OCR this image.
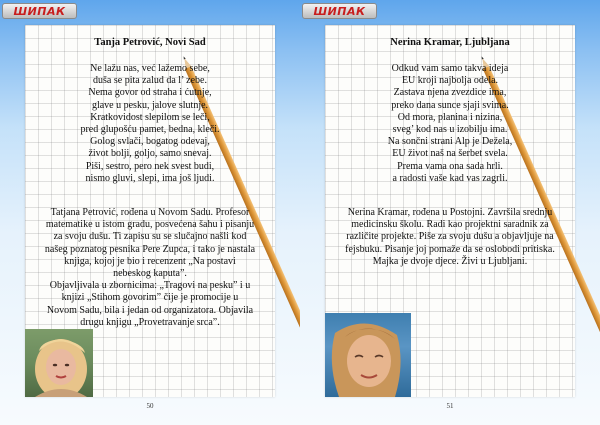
ШИПАК
Tanja Petrović, Novi Sad
Ne lažu nas, već lažemo sebe,
duša se pita zalud da l’ zebe.
Nema govor od straha i ćutnje,
glave u pesku, jalove slutnje.
Kratkovidost slepilom se leči,
pred glupošću pamet, bedna, kleči.
Golog svlači, bogatog odevaj,
život bolji, goljo, samo snevaj.
Piši, sestro, pero nek svest budi,
nismo gluvi, slepi, ima još ljudi.
Tatjana Petrović, rođena u Novom Sadu. Profesor
matematike u istom gradu, posvećena šahu i pisanju
za svoju dušu. Ti zapisu su se slučajno našli kod
našeg poznatog pesnika Pere Zupca, i tako je nastala
knjiga, kojoj je bio i recenzent „Na postavi
nebeskog kaputa”.
Objavljivala u zbornicima: „Tragovi na pesku” i u
knjizi „Stihom govorim” čije je promocije u
Novom Sadu, bila i jedan od organizatora. Objavila
drugu knjigu „Provetravanje srca”.
50
ШИПАК
Nerina Kramar, Ljubljana
Odkud vam samo takva ideja
EU kroji najbolja odela.
Zastava njena zvezdice ima,
preko dana sunce sjaji svima.
Od mora, planina i nizina,
sveg’ kod nas u izobilju ima.
Na sončni strani Alp je Dežela,
EU život naš na šerbet svela.
Prema vama ona sada hrli.
a radosti vaše kad vas zagrli.
Nerina Kramar, rođena u Postojni. Završila srednju
medicinsku školu. Radi kao projektni saradnik za
različite projekte. Piše za svoju dušu a objavljuje na
fejsbuku. Pisanje joj pomaže da se oslobodi pritiska.
Majka je dvoje djece. Živi u Ljubljani.
51
